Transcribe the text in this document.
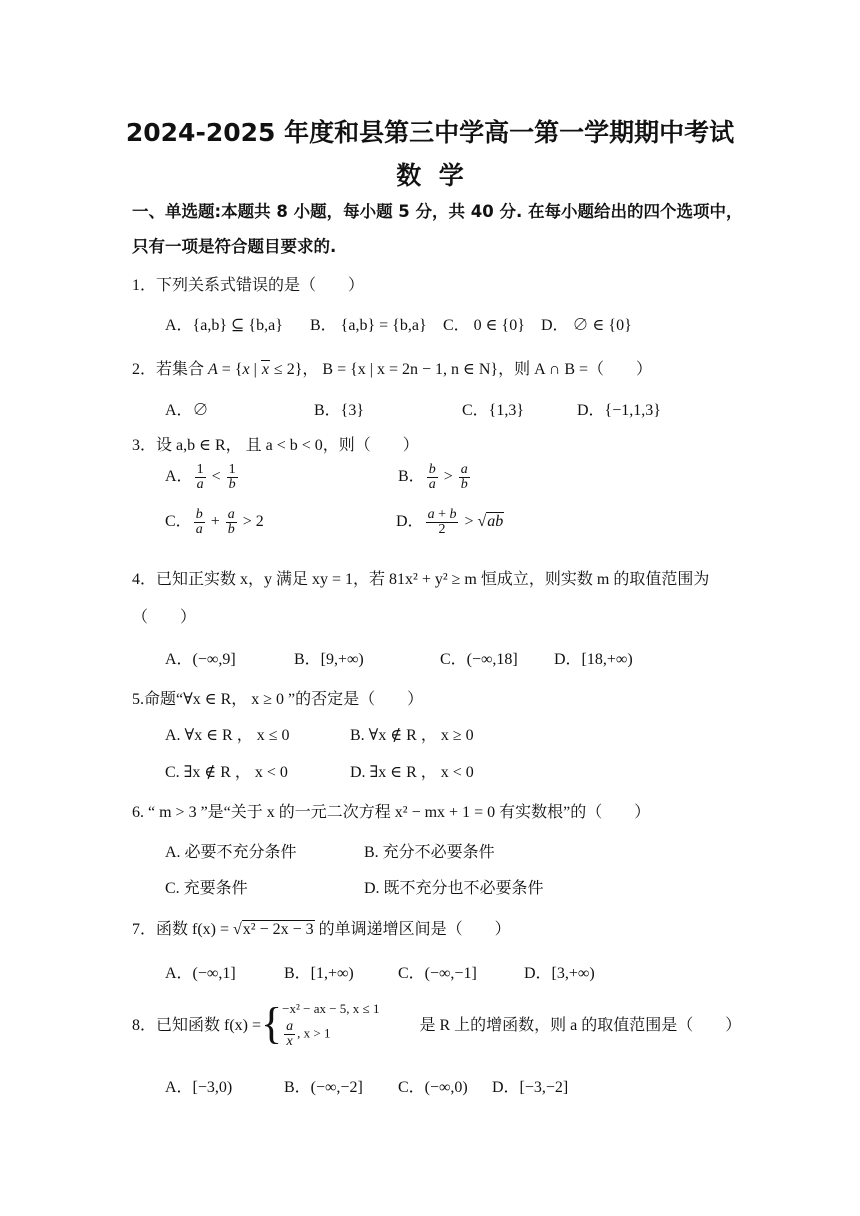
2024-2025 年度和县第三中学高一第一学期期中考试
数  学
一、单选题:本题共 8 小题，每小题 5 分，共 40 分. 在每小题给出的四个选项中，
只有一项是符合题目要求的.
1．下列关系式错误的是（　　）
A．{a,b} ⊆ {b,a} B． {a,b} = {b,a} C． 0 ∈ {0} D． ∅ ∈ {0}
2．若集合 A = {x | x ≤ 2}， B = {x | x = 2n − 1, n ∈ N}，则 A ∩ B =（　　）
A．∅	B．{3}	C．{1,3}	D．{−1,1,3}
3．设 a,b ∈ R， 且 a < b < 0，则（　　）
A． $\frac{1}{a} < \frac{1}{b}$	B． $\frac{b}{a} > \frac{a}{b}$
C． $\frac{b}{a} + \frac{a}{b} > 2$	D． $\frac{a + b}{2} > √ab$
4．已知正实数 x，y 满足 xy = 1，若 81x² + y² ≥ m 恒成立，则实数 m 的取值范围为
（　　）
A．(−∞,9]	B．[9,+∞)	C．(−∞,18] D．[18,+∞)
5.命题“∀x ∈ R， x ≥ 0 ”的否定是（　　）
A. ∀x ∈ R ， x ≤ 0	B. ∀x ∉ R ， x ≥ 0
C. ∃x ∉ R ， x < 0	D. ∃x ∈ R ， x < 0
6. “ m > 3 ”是“关于 x 的一元二次方程 x² − mx + 1 = 0 有实数根”的（　　）
A. 必要不充分条件	B. 充分不必要条件
C. 充要条件	D. 既不充分也不必要条件
7．函数 f(x) = √x² − 2x − 3 的单调递增区间是（　　）
A．(−∞,1]	B．[1,+∞)	C．(−∞,−1]	D．[3,+∞)
8．已知函数 f(x) ={ −x² − ax − 5, x ≤ 1
$\frac{a}{x}$ , x > 1	是 R 上的增函数，则 a 的取值范围是（　　）
A．[−3,0)	B．(−∞,−2] C．(−∞,0) D．[−3,−2]
